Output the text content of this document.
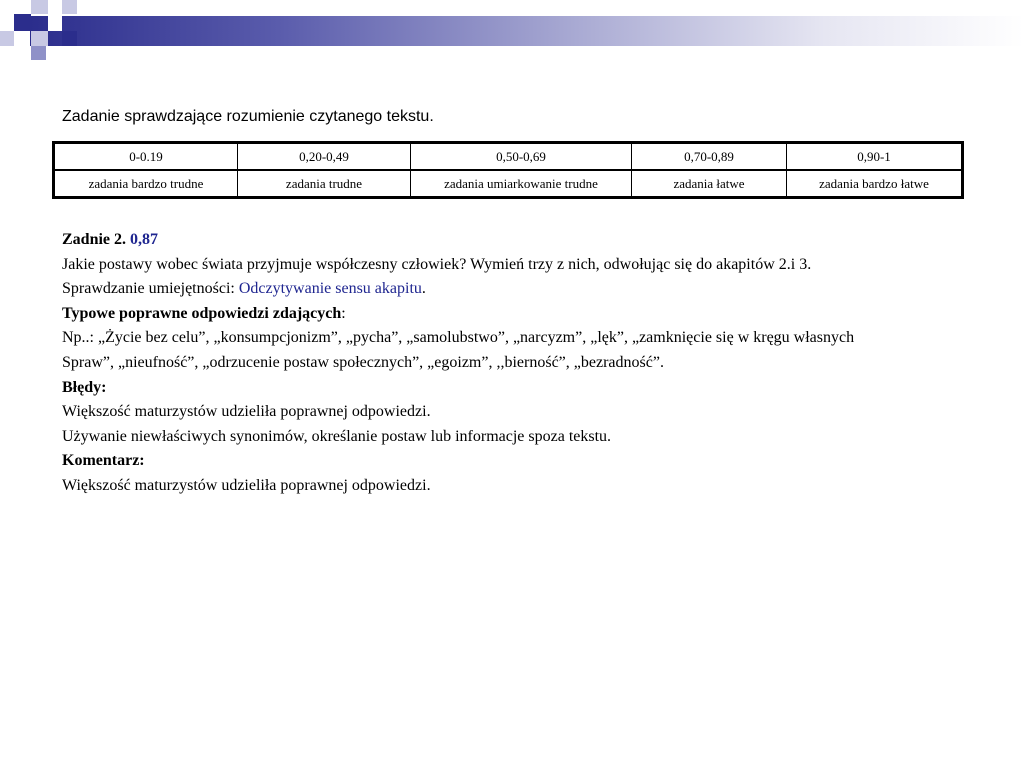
Zadanie sprawdzające rozumienie czytanego tekstu.
0-0.19	0,20-0,49	0,50-0,69	0,70-0,89	0,90-1
zadania bardzo trudne	zadania trudne	zadania umiarkowanie trudne	zadania łatwe	zadania bardzo łatwe

Zadnie 2. 0,87

Jakie postawy wobec świata przyjmuje współczesny człowiek? Wymień trzy z nich, odwołując się do akapitów 2.i 3.

Sprawdzanie umiejętności: Odczytywanie sensu akapitu.

Typowe poprawne odpowiedzi zdających:

Np..: „Życie bez celu”, „konsumpcjonizm”, „pycha”, „samolubstwo”, „narcyzm”, „lęk”, „zamknięcie się w kręgu własnych

Spraw”, „nieufność”, „odrzucenie postaw społecznych”, „egoizm”, ,,bierność”, „bezradność”.

Błędy:

Większość maturzystów udzieliła poprawnej odpowiedzi.

Używanie niewłaściwych synonimów, określanie postaw lub informacje spoza tekstu.

Komentarz:

Większość maturzystów udzieliła poprawnej odpowiedzi.
